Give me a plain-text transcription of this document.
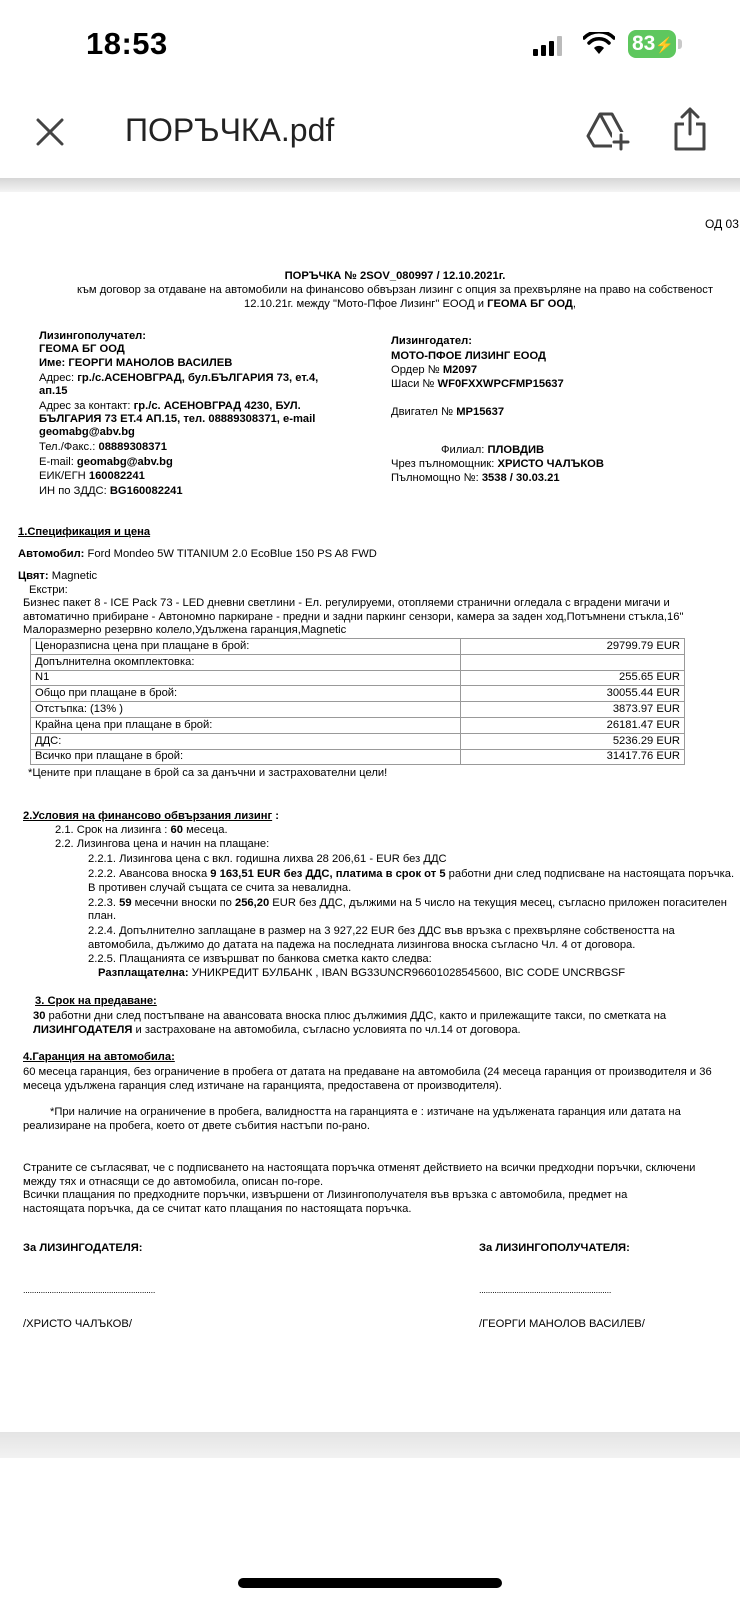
18:53	83⚡
ПОРЪЧКА.pdf
ОД 03
ПОРЪЧКА № 2SOV_080997 / 12.10.2021г.
към договор за отдаване на автомобили на финансово обвързан лизинг с опция за прехвърляне на право на собственост
12.10.21г. между "Мото-Пфое Лизинг" ЕООД и ГЕОМА БГ ООД,
Лизингополучател:
ГЕОМА БГ ООД
Име: ГЕОРГИ МАНОЛОВ ВАСИЛЕВ
Адрес: гр./с.АСЕНОВГРАД, бул.БЪЛГАРИЯ 73, ет.4,
ап.15
Адрес за контакт: гр./с. АСЕНОВГРАД 4230, БУЛ.
БЪЛГАРИЯ 73 ЕТ.4 АП.15, тел. 08889308371, e-mail
geomabg@abv.bg
Тел./Факс.: 08889308371
E-mail: geomabg@abv.bg
ЕИК/ЕГН 160082241
ИН по ЗДДС: BG160082241
Лизингодател:
МОТО-ПФОЕ ЛИЗИНГ ЕООД
Ордер № M2097
Шаси № WF0FXXWPCFMP15637
Двигател № MP15637
Филиал: ПЛОВДИВ
Чрез пълномощник: ХРИСТО ЧАЛЪКОВ
Пълномощно №: 3538 / 30.03.21
1.Спецификация и цена
Автомобил: Ford Mondeo 5W TITANIUM 2.0 EcoBlue 150 PS A8 FWD
Цвят: Magnetic
Екстри:
Бизнес пакет 8 - ICE Pack 73 - LED дневни светлини - Ел. регулируеми, отопляеми странични огледала с вградени мигачи и
автоматично прибиране - Автономно паркиране - предни и задни паркинг сензори, камера за заден ход,Потъмнени стъкла,16"
Малоразмерно резервно колело,Удължена гаранция,Magnetic
Ценоразписна цена при плащане в брой:	29799.79 EUR
Допълнителна окомплектовка:	
N1	255.65 EUR
Общо при плащане в брой:	30055.44 EUR
Отстъпка: (13% )	3873.97 EUR
Крайна цена при плащане в брой:	26181.47 EUR
ДДС:	5236.29 EUR
Всичко при плащане в брой:	31417.76 EUR
*Цените при плащане в брой са за данъчни и застрахователни цели!
2.Условия на финансово обвързания лизинг :
2.1. Срок на лизинга : 60 месеца.
2.2. Лизингова цена и начин на плащане:
2.2.1. Лизингова цена с вкл. годишна лихва 28 206,61 - EUR без ДДС
2.2.2. Авансова вноска 9 163,51 EUR без ДДС, платима в срок от 5 работни дни след подписване на настоящата поръчка.
В противен случай същата се счита за невалидна.
2.2.3. 59 месечни вноски по 256,20 EUR без ДДС, дължими на 5 число на текущия месец, съгласно приложен погасителен
план.
2.2.4. Допълнително заплащане в размер на 3 927,22 EUR без ДДС във връзка с прехвърляне собствеността на
автомобила, дължимо до датата на падежа на последната лизингова вноска съгласно Чл. 4 от договора.
2.2.5. Плащанията се извършват по банкова сметка както следва:
Разплащателна: УНИКРЕДИТ БУЛБАНК , IBAN BG33UNCR96601028545600, BIC CODE UNCRBGSF
3. Срок на предаване:
30 работни дни след постъпване на авансовата вноска плюс дължимия ДДС, както и прилежащите такси, по сметката на
ЛИЗИНГОДАТЕЛЯ и застраховане на автомобила, съгласно условията по чл.14 от договора.
4.Гаранция на автомобила:
60 месеца гаранция, без ограничение в пробега от датата на предаване на автомобила (24 месеца гаранция от производителя и 36
месеца удължена гаранция след изтичане на гаранцията, предоставена от производителя).
*При наличие на ограничение в пробега, валидността на гаранцията е : изтичане на удължената гаранция или датата на
реализиране на пробега, което от двете събития настъпи по-рано.
Страните се съгласяват, че с подписването на настоящата поръчка отменят действието на всички предходни поръчки, сключени
между тях и отнасящи се до автомобила, описан по-горе.
Всички плащания по предходните поръчки, извършени от Лизингополучателя във връзка с автомобила, предмет на
настоящата поръчка, да се считат като плащания по настоящата поръчка.
За ЛИЗИНГОДАТЕЛЯ:	За ЛИЗИНГОПОЛУЧАТЕЛЯ:
............................................................	............................................................
/ХРИСТО ЧАЛЪКОВ/	/ГЕОРГИ МАНОЛОВ ВАСИЛЕВ/
